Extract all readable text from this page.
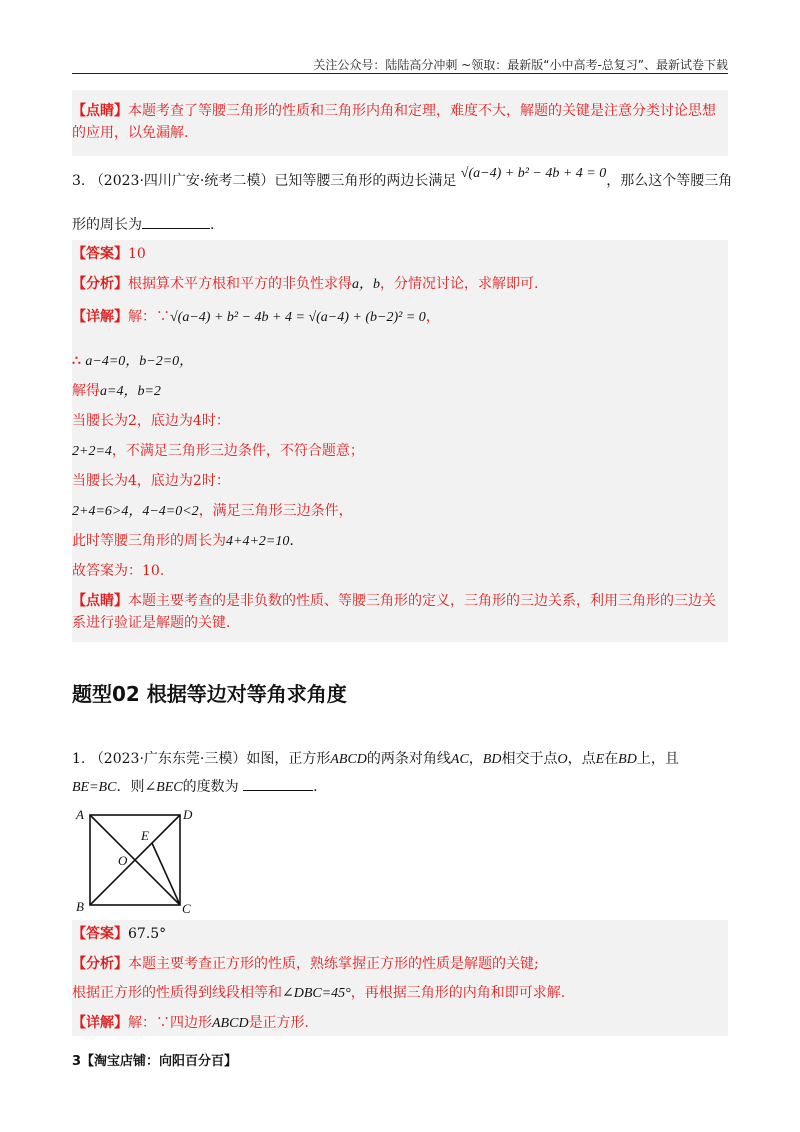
关注公众号：陆陆高分冲刺 ~领取：最新版“小中高考-总复习”、最新试卷下载
【点睛】本题考查了等腰三角形的性质和三角形内角和定理，难度不大，解题的关键是注意分类讨论思想的应用，以免漏解.
3. （2023·四川广安·统考二模）已知等腰三角形的两边长满足 √(a−4) + b² − 4b + 4 = 0，那么这个等腰三角
形的周长为	.
【答案】10
【分析】根据算术平方根和平方的非负性求得a，b，分情况讨论，求解即可.
【详解】解：∵√(a−4) + b² − 4b + 4 = √(a−4) + (b−2)² = 0，
∴ a−4=0，b−2=0，
解得a=4，b=2
当腰长为2，底边为4时：
2+2=4，不满足三角形三边条件，不符合题意；
当腰长为4，底边为2时：
2+4=6>4，4−4=0<2，满足三角形三边条件，
此时等腰三角形的周长为4+4+2=10.
故答案为：10.
【点睛】本题主要考查的是非负数的性质、等腰三角形的定义，三角形的三边关系，利用三角形的三边关系进行验证是解题的关键.
题型02 根据等边对等角求角度
1. （2023·广东东莞·三模）如图，正方形ABCD的两条对角线AC，BD相交于点O，点E在BD上，且
BE=BC．则∠BEC的度数为	.
A
B	C
D
E
O
【答案】67.5°
【分析】本题主要考查正方形的性质，熟练掌握正方形的性质是解题的关键;
根据正方形的性质得到线段相等和∠DBC=45°，再根据三角形的内角和即可求解.
【详解】解：∵四边形ABCD是正方形.
3【淘宝店铺：向阳百分百】
